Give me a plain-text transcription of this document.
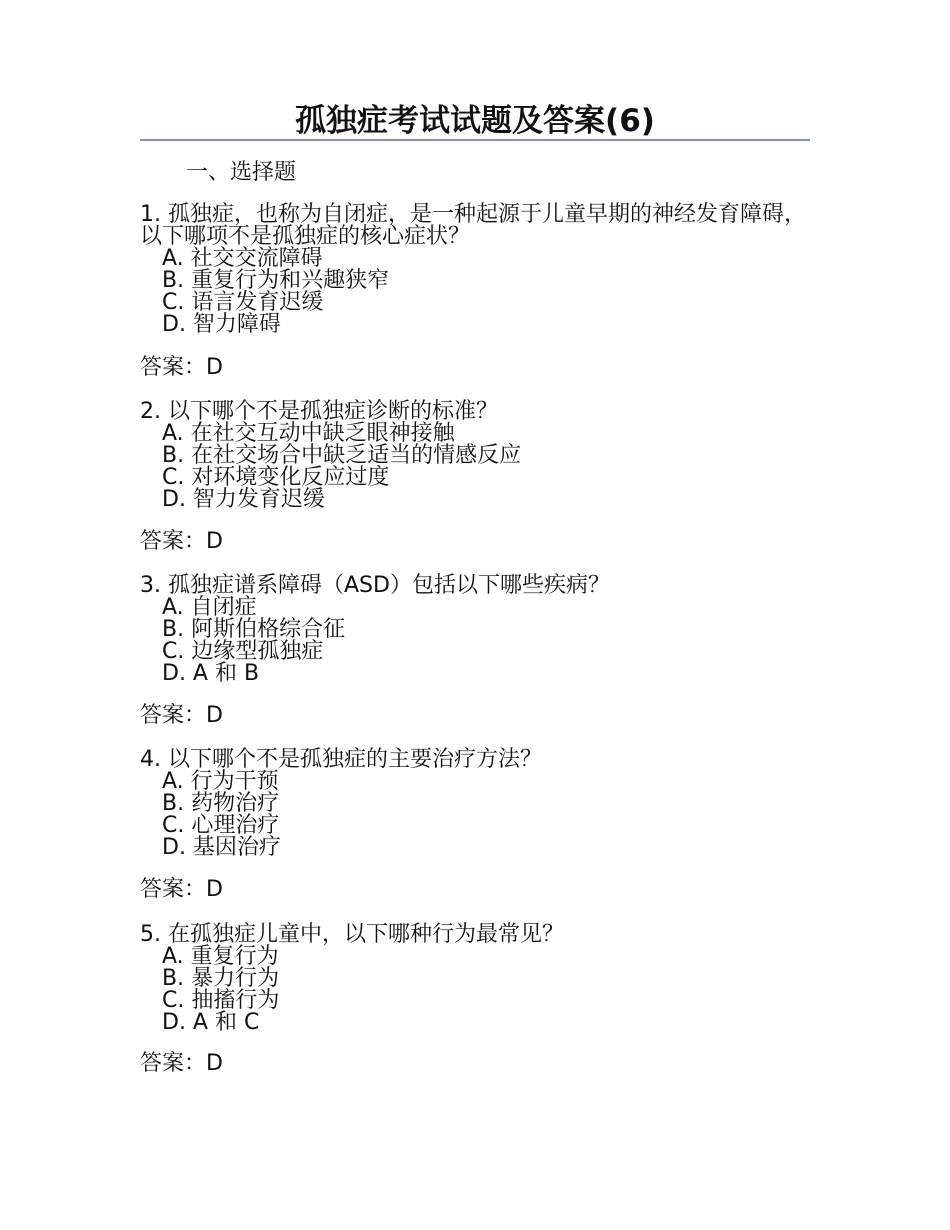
孤独症考试试题及答案(6)
一、选择题

1. 孤独症，也称为自闭症，是一种起源于儿童早期的神经发育障碍，以下哪项不是孤独症的核心症状？

A. 社交交流障碍
B. 重复行为和兴趣狭窄
C. 语言发育迟缓
D. 智力障碍
答案：D

2. 以下哪个不是孤独症诊断的标准？

A. 在社交互动中缺乏眼神接触
B. 在社交场合中缺乏适当的情感反应
C. 对环境变化反应过度
D. 智力发育迟缓
答案：D

3. 孤独症谱系障碍（ASD）包括以下哪些疾病？

A. 自闭症
B. 阿斯伯格综合征
C. 边缘型孤独症
D. A 和 B
答案：D

4. 以下哪个不是孤独症的主要治疗方法？

A. 行为干预
B. 药物治疗
C. 心理治疗
D. 基因治疗
答案：D

5. 在孤独症儿童中，以下哪种行为最常见？

A. 重复行为
B. 暴力行为
C. 抽搐行为
D. A 和 C
答案：D
